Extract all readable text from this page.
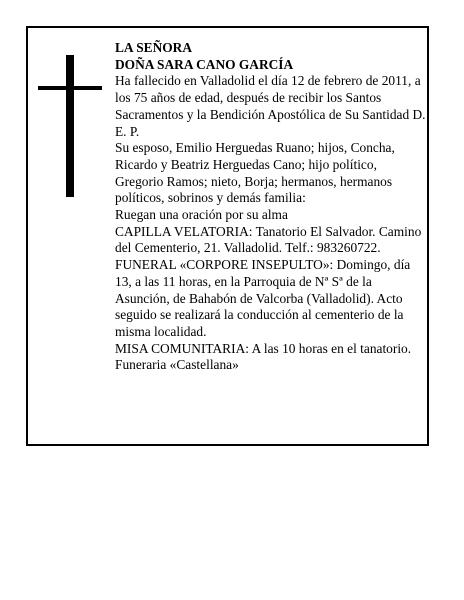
LA SEÑORA

DOÑA SARA CANO GARCÍA

Ha fallecido en Valladolid el día 12 de febrero de 2011, a los 75 años de edad, después de recibir los Santos Sacramentos y la Bendición Apostólica de Su Santidad D. E. P.

Su esposo, Emilio Herguedas Ruano; hijos, Concha, Ricardo y Beatriz Herguedas Cano; hijo político, Gregorio Ramos; nieto, Borja; hermanos, hermanos políticos, sobrinos y demás familia:

Ruegan una oración por su alma

CAPILLA VELATORIA: Tanatorio El Salvador. Camino del Cementerio, 21. Valladolid. Telf.: 983260722.

FUNERAL «CORPORE INSEPULTO»: Domingo, día 13, a las 11 horas, en la Parroquia de Nª Sª de la Asunción, de Bahabón de Valcorba (Valladolid). Acto seguido se realizará la conducción al cementerio de la misma localidad.

MISA COMUNITARIA: A las 10 horas en el tanatorio.

Funeraria «Castellana»
